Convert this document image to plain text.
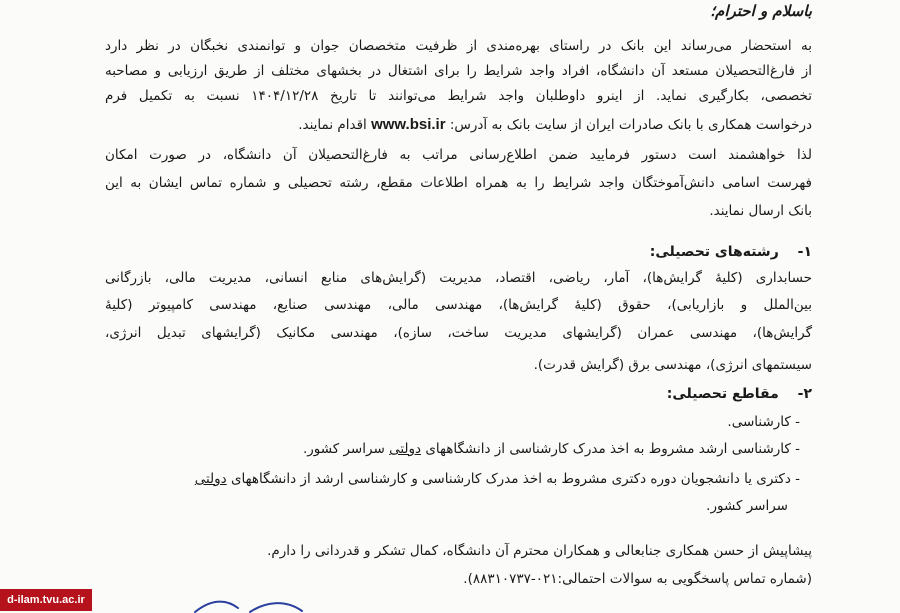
باسلام و احترام؛
به استحضار می‌رساند این بانک در راستای بهره‌مندی از ظرفیت متخصصان جوان و توانمندی نخبگان در نظر دارد
از فارغ‌التحصیلان مستعد آن دانشگاه، افراد واجد شرایط را برای اشتغال در بخشهای مختلف از طریق ارزیابی و مصاحبه
تخصصی، بکارگیری نماید. از اینرو داوطلبان واجد شرایط می‌توانند تا تاریخ ۱۴۰۴/۱۲/۲۸ نسبت به تکمیل فرم
درخواست همکاری با بانک صادرات ایران از سایت بانک به آدرس: www.bsi.ir اقدام نمایند.
لذا خواهشمند است دستور فرمایید ضمن اطلاع‌رسانی مراتب به فارغ‌التحصیلان آن دانشگاه، در صورت امکان
فهرست اسامی دانش‌آموختگان واجد شرایط را به همراه اطلاعات مقطع، رشته تحصیلی و شماره تماس ایشان به این
بانک ارسال نمایند.
۱- رشته‌های تحصیلی:
حسابداری (کلیهٔ گرایش‌ها)، آمار، ریاضی، اقتصاد، مدیریت (گرایش‌های منابع انسانی، مدیریت مالی، بازرگانی
بین‌الملل و بازاریابی)، حقوق (کلیهٔ گرایش‌ها)، مهندسی مالی، مهندسی صنایع، مهندسی کامپیوتر (کلیهٔ
گرایش‌ها)، مهندسی عمران (گرایشهای مدیریت ساخت، سازه)، مهندسی مکانیک (گرایشهای تبدیل انرژی،
سیستمهای انرژی)، مهندسی برق (گرایش قدرت).
۲- مقاطع تحصیلی:
- کارشناسی.
- کارشناسی ارشد مشروط به اخذ مدرک کارشناسی از دانشگاههای دولتی سراسر کشور.
- دکتری یا دانشجویان دوره دکتری مشروط به اخذ مدرک کارشناسی و کارشناسی ارشد از دانشگاههای دولتی
سراسر کشور.
پیشاپیش از حسن همکاری جنابعالی و همکاران محترم آن دانشگاه، کمال تشکر و قدردانی را دارم.
(شماره تماس پاسخگویی به سوالات احتمالی:۰۲۱-۸۸۳۱۰۷۳۷).
d-ilam.tvu.ac.ir
